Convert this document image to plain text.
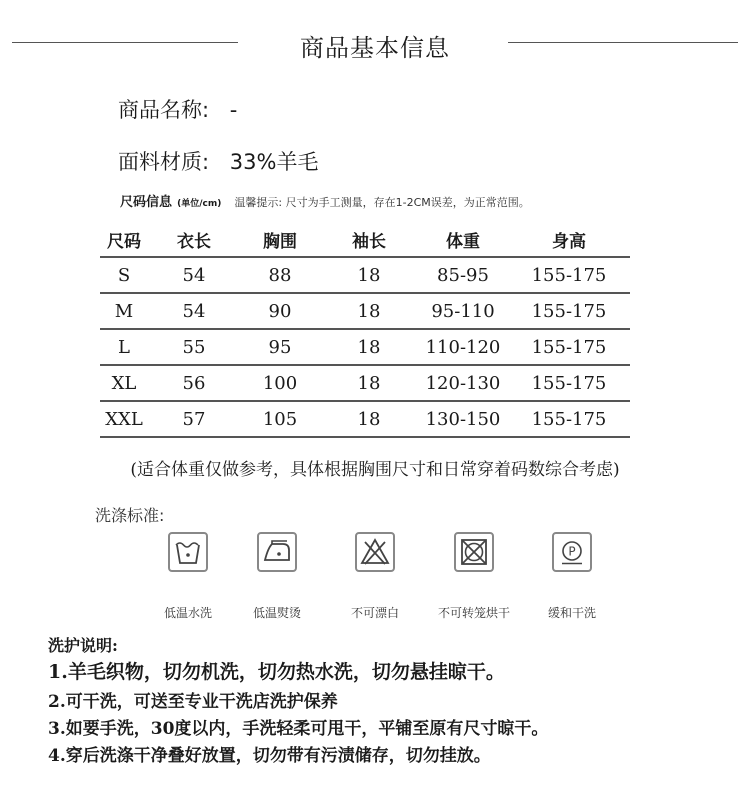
商品基本信息
商品名称: -
面料材质: 33%羊毛
尺码信息 (单位/cm) 温馨提示: 尺寸为手工测量，存在1-2CM误差，为正常范围。
尺码	衣长	胸围	袖长	体重	身高
S	54	88	18	85-95	155-175
M	54	90	18	95-110	155-175
L	55	95	18	110-120	155-175
XL	56	100	18	120-130	155-175
XXL	57	105	18	130-150	155-175
(适合体重仅做参考，具体根据胸围尺寸和日常穿着码数综合考虑)
洗涤标准:
P
低温水洗	低温熨烫	不可漂白	不可转笼烘干	缓和干洗
洗护说明:
1.羊毛织物，切勿机洗，切勿热水洗，切勿悬挂晾干。
2.可干洗，可送至专业干洗店洗护保养
3.如要手洗，30度以内，手洗轻柔可甩干，平铺至原有尺寸晾干。
4.穿后洗涤干净叠好放置，切勿带有污渍储存，切勿挂放。
